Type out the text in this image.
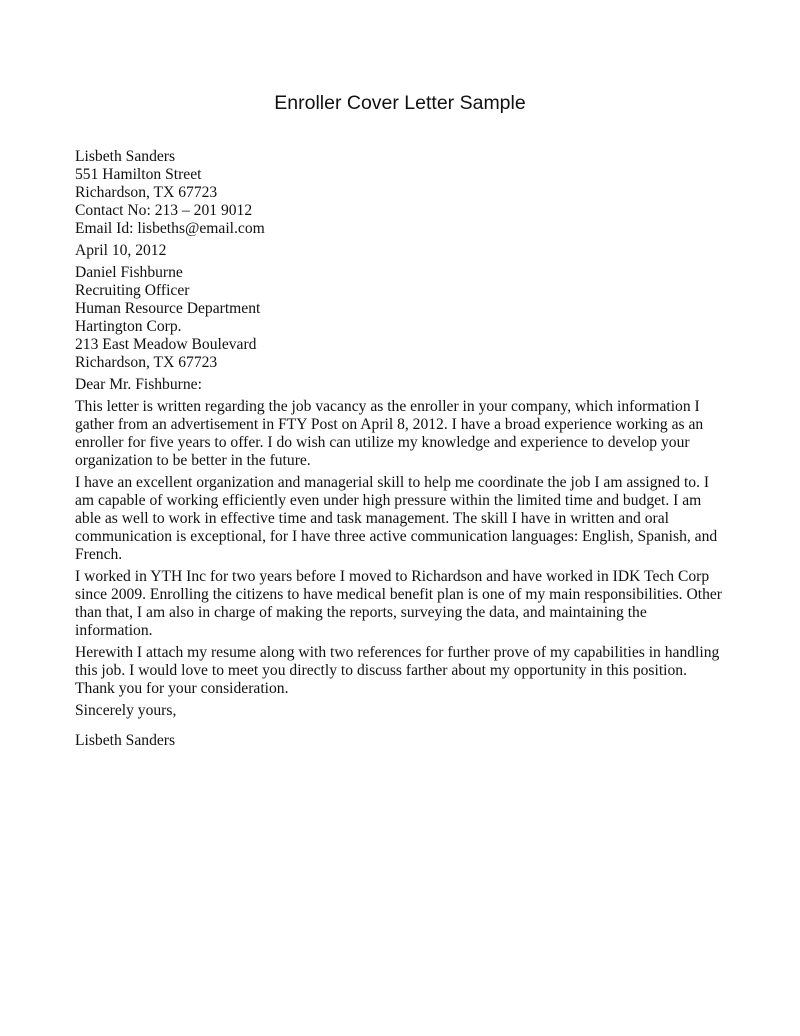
Enroller Cover Letter Sample
Lisbeth Sanders
551 Hamilton Street
Richardson, TX 67723
Contact No: 213 – 201 9012
Email Id: lisbeths@email.com
April 10, 2012
Daniel Fishburne
Recruiting Officer
Human Resource Department
Hartington Corp.
213 East Meadow Boulevard
Richardson, TX 67723
Dear Mr. Fishburne:
This letter is written regarding the job vacancy as the enroller in your company, which information I
gather from an advertisement in FTY Post on April 8, 2012. I have a broad experience working as an
enroller for five years to offer. I do wish can utilize my knowledge and experience to develop your
organization to be better in the future.
I have an excellent organization and managerial skill to help me coordinate the job I am assigned to. I
am capable of working efficiently even under high pressure within the limited time and budget. I am
able as well to work in effective time and task management. The skill I have in written and oral
communication is exceptional, for I have three active communication languages: English, Spanish, and
French.
I worked in YTH Inc for two years before I moved to Richardson and have worked in IDK Tech Corp
since 2009. Enrolling the citizens to have medical benefit plan is one of my main responsibilities. Other
than that, I am also in charge of making the reports, surveying the data, and maintaining the
information.
Herewith I attach my resume along with two references for further prove of my capabilities in handling
this job. I would love to meet you directly to discuss farther about my opportunity in this position.
Thank you for your consideration.
Sincerely yours,
Lisbeth Sanders
